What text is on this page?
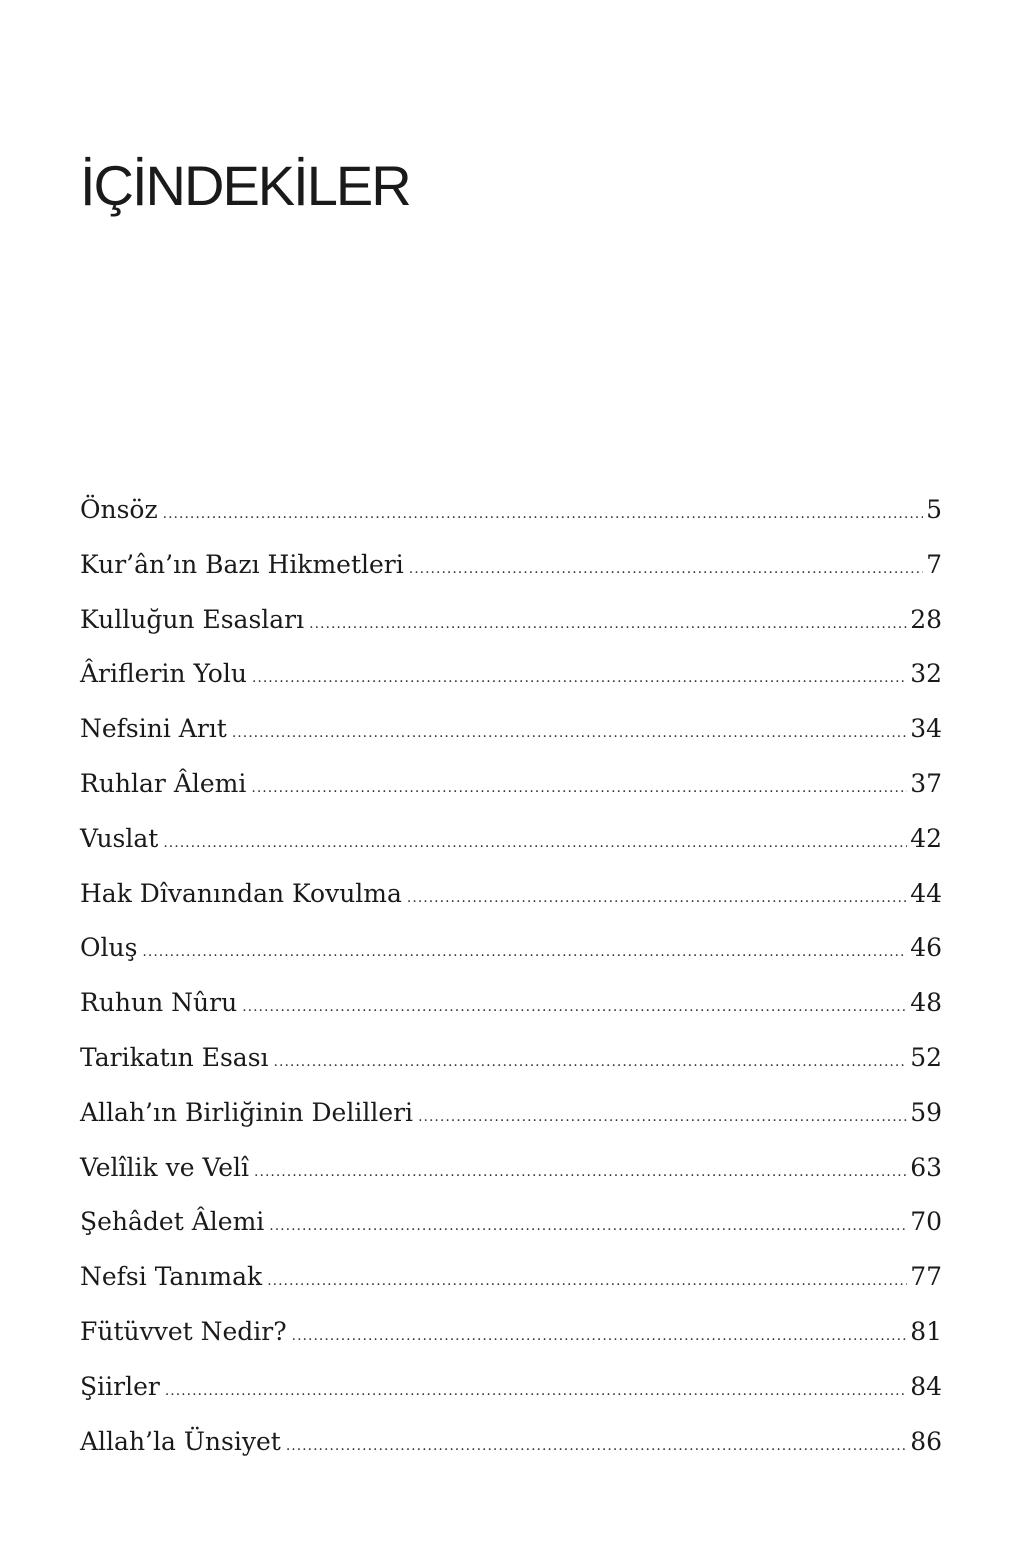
İÇİNDEKİLER
Önsöz .....	5
Kur’ân’ın Bazı Hikmetleri .....	7
Kulluğun Esasları .....	28
Âriflerin Yolu .....	32
Nefsini Arıt .....	34
Ruhlar Âlemi .....	37
Vuslat .....	42
Hak Dîvanından Kovulma .....	44
Oluş .....	46
Ruhun Nûru .....	48
Tarikatın Esası .....	52
Allah’ın Birliğinin Delilleri .....	59
Velîlik ve Velî .....	63
Şehâdet Âlemi .....	70
Nefsi Tanımak .....	77
Fütüvvet Nedir? .....	81
Şiirler .....	84
Allah’la Ünsiyet .....	86
